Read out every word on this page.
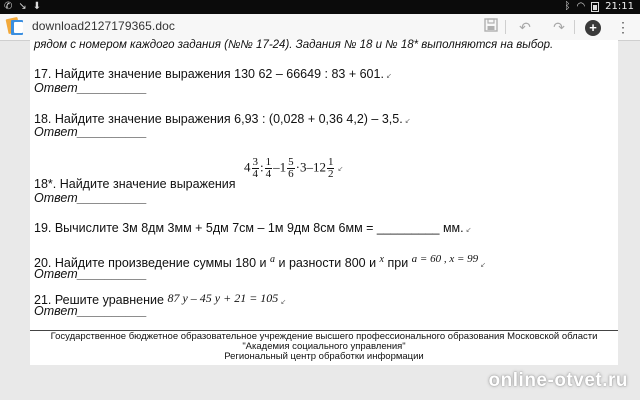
✆ ↘ ⬇	ᛒ ◠ 21:11
download2127179365.doc	↶	↷	+	⋮
рядом с номером каждого задания (№№ 17-24). Задания № 18 и № 18* выполняются на выбор.
17. Найдите значение выражения 130 62 – 66649 : 83 + 601. ↙
Ответ__________
18. Найдите значение выражения 6,93 : (0,028 + 0,36 4,2) – 3,5. ↙
Ответ__________
18*. Найдите значение выражения
$4 \frac{3}{4}$ : $\frac{1}{4} -1 \frac{5}{6} \cdot 3-12 \frac{1}{2}$ ↙
Ответ__________
19. Вычислите 3м 8дм 3мм + 5дм 7см – 1м 9дм 8см 6мм = _________ мм. ↙
20. Найдите произведение суммы 180 и $^a$ и разности 800 и $^x$ при a = 60 , x = 99↙
Ответ__________
21. Решите уравнение 87 y – 45 y + 21 = 105 ↙
Ответ__________
Государственное бюджетное образовательное учреждение высшего профессионального образования Московской области
"Академия социального управления"
Региональный центр обработки информации
online-otvet.ru
